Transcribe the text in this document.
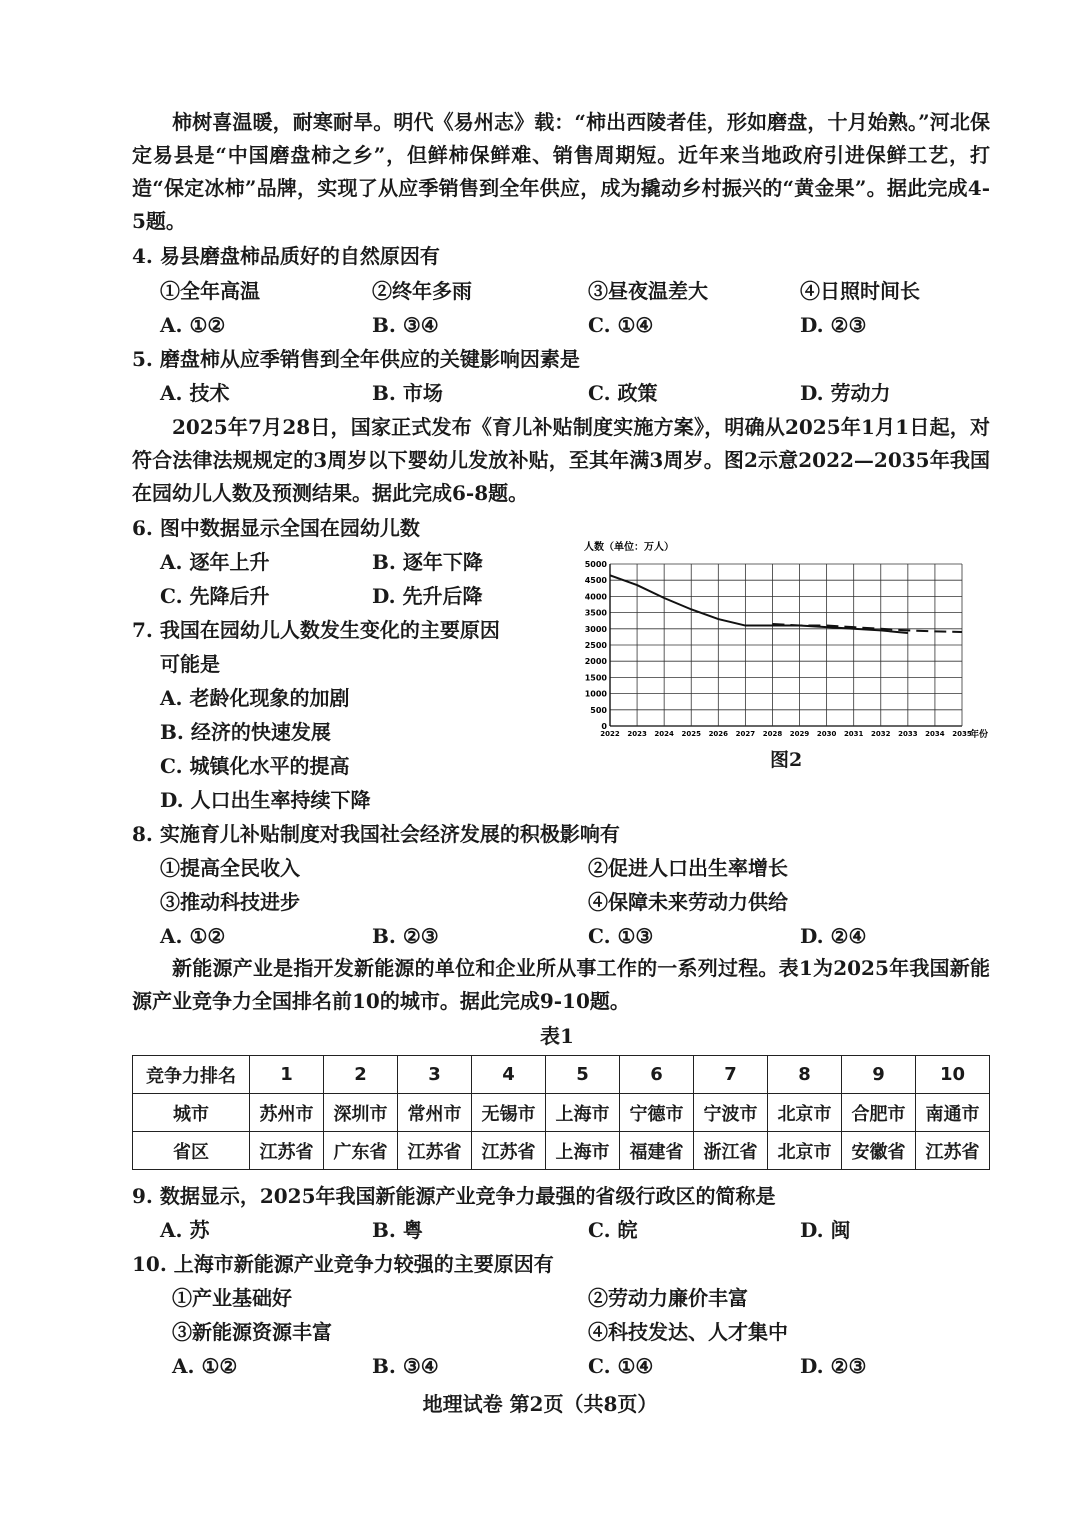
柿树喜温暖，耐寒耐旱。明代《易州志》载：“柿出西陵者佳，形如磨盘，十月始熟。”河北保定易县是“中国磨盘柿之乡”，但鲜柿保鲜难、销售周期短。近年来当地政府引进保鲜工艺，打造“保定冰柿”品牌，实现了从应季销售到全年供应，成为撬动乡村振兴的“黄金果”。据此完成4-5题。

4. 易县磨盘柿品质好的自然原因有
①全年高温	②终年多雨	③昼夜温差大	④日照时间长
A. ①②	B. ③④	C. ①④	D. ②③
5. 磨盘柿从应季销售到全年供应的关键影响因素是
A. 技术	B. 市场	C. 政策	D. 劳动力

2025年7月28日，国家正式发布《育儿补贴制度实施方案》，明确从2025年1月1日起，对符合法律法规规定的3周岁以下婴幼儿发放补贴，至其年满3周岁。图2示意2022—2035年我国在园幼儿人数及预测结果。据此完成6-8题。

6. 图中数据显示全国在园幼儿数
A. 逐年上升	B. 逐年下降
C. 先降后升	D. 先升后降
7. 我国在园幼儿人数发生变化的主要原因
可能是
A. 老龄化现象的加剧
B. 经济的快速发展
C. 城镇化水平的提高
D. 人口出生率持续下降
人数（单位：万人）
0
500
1000
1500
2000
2500
3000
3500
4000
4500
5000
2022 2023 2024 2025 2026 2027 2028 2029 2030 2031 2032 2033 2034 2035
年份
图2
8. 实施育儿补贴制度对我国社会经济发展的积极影响有
①提高全民收入	②促进人口出生率增长
③推动科技进步	④保障未来劳动力供给
A. ①②	B. ②③	C. ①③	D. ②④

新能源产业是指开发新能源的单位和企业所从事工作的一系列过程。表1为2025年我国新能源产业竞争力全国排名前10的城市。据此完成9-10题。

表1
竞争力排名	1	2	3	4	5	6	7	8	9	10
城市	苏州市	深圳市	常州市	无锡市	上海市	宁德市	宁波市	北京市	合肥市	南通市
省区	江苏省	广东省	江苏省	江苏省	上海市	福建省	浙江省	北京市	安徽省	江苏省
9. 数据显示，2025年我国新能源产业竞争力最强的省级行政区的简称是
A. 苏	B. 粤	C. 皖	D. 闽
10. 上海市新能源产业竞争力较强的主要原因有
①产业基础好	②劳动力廉价丰富
③新能源资源丰富	④科技发达、人才集中
A. ①②	B. ③④	C. ①④	D. ②③
地理试卷 第2页（共8页）
